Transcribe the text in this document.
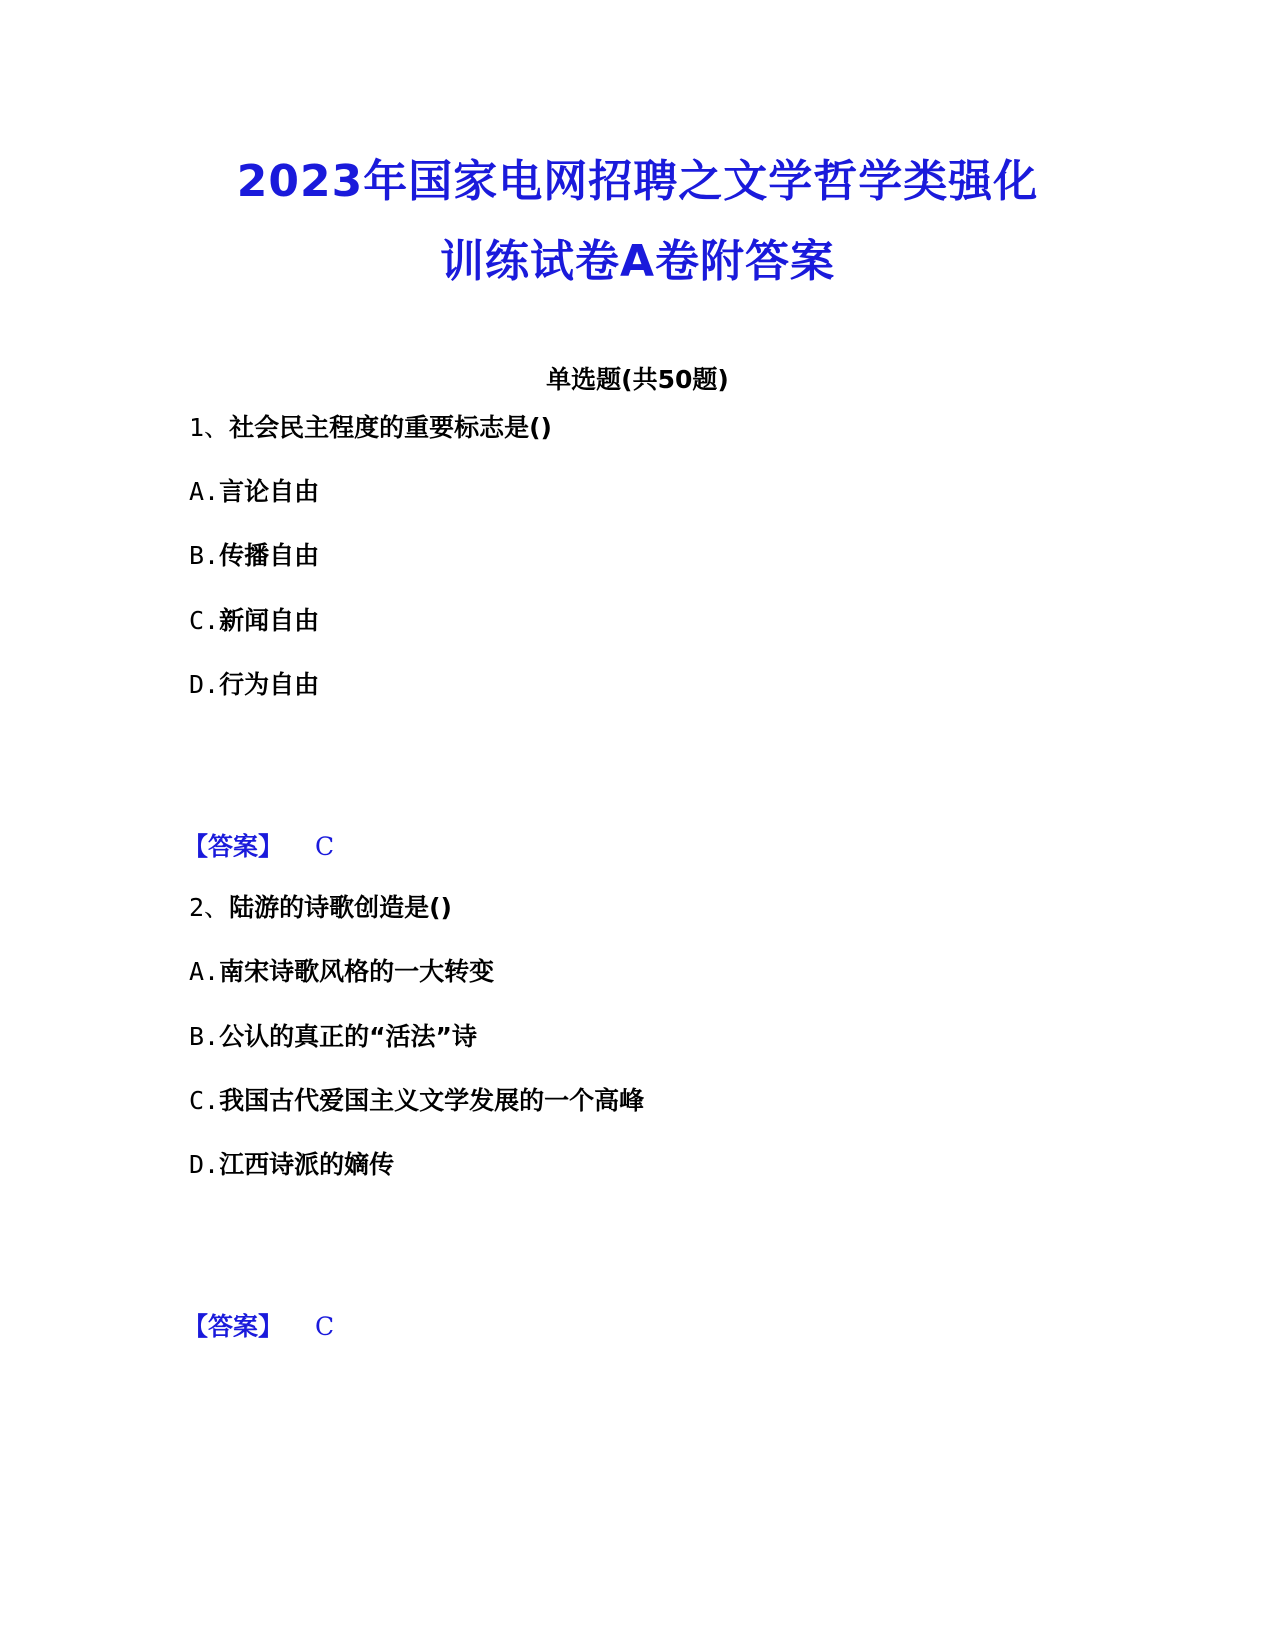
2023年国家电网招聘之文学哲学类强化
训练试卷A卷附答案
单选题(共50题)
1、社会民主程度的重要标志是()
A.言论自由
B.传播自由
C.新闻自由
D.行为自由
【答案】 C
2、陆游的诗歌创造是()
A.南宋诗歌风格的一大转变
B.公认的真正的“活法”诗
C.我国古代爱国主义文学发展的一个高峰
D.江西诗派的嫡传
【答案】 C
